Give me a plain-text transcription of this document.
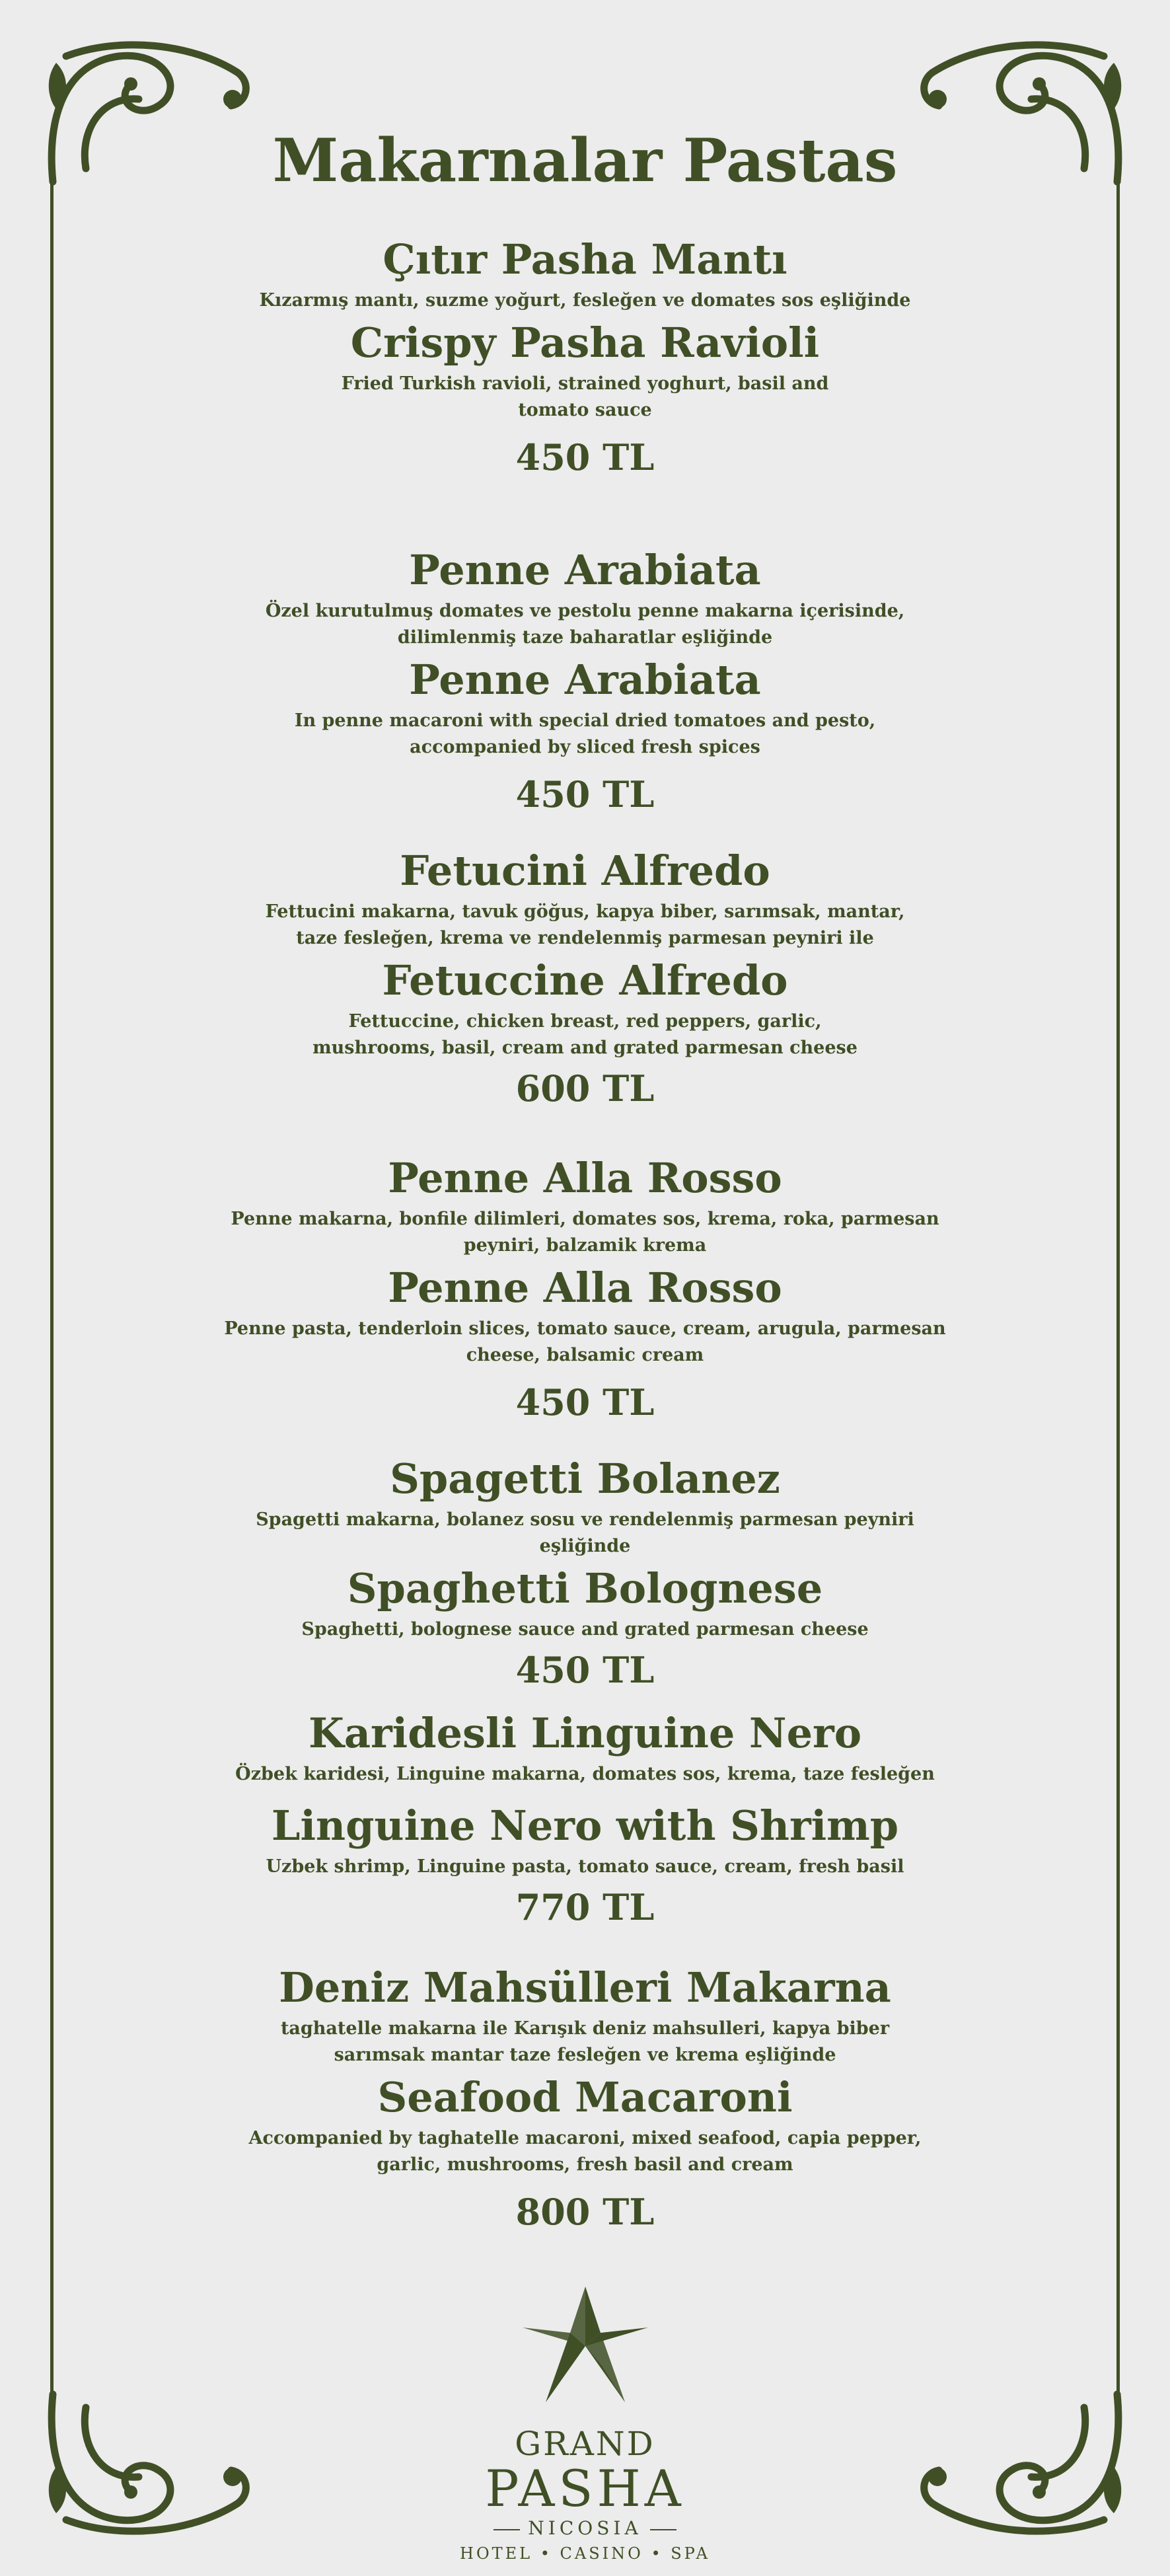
Makarnalar Pastas

Çıtır Pasha Mantı

Kızarmış mantı, suzme yoğurt, fesleğen ve domates sos eşliğinde

Crispy Pasha Ravioli

Fried Turkish ravioli, strained yoghurt, basil and tomato sauce

450 TL

Penne Arabiata

Özel kurutulmuş domates ve pestolu penne makarna içerisinde, dilimlenmiş taze baharatlar eşliğinde

Penne Arabiata

In penne macaroni with special dried tomatoes and pesto, accompanied by sliced fresh spices

450 TL

Fetucini Alfredo

Fettucini makarna, tavuk göğus, kapya biber, sarımsak, mantar, taze fesleğen, krema ve rendelenmiş parmesan peyniri ile

Fetuccine Alfredo

Fettuccine, chicken breast, red peppers, garlic, mushrooms, basil, cream and grated parmesan cheese

600 TL

Penne Alla Rosso

Penne makarna, bonfile dilimleri, domates sos, krema, roka, parmesan peyniri, balzamik krema

Penne Alla Rosso

Penne pasta, tenderloin slices, tomato sauce, cream, arugula, parmesan cheese, balsamic cream

450 TL

Spagetti Bolanez

Spagetti makarna, bolanez sosu ve rendelenmiş parmesan peyniri eşliğinde

Spaghetti Bolognese

Spaghetti, bolognese sauce and grated parmesan cheese

450 TL

Karidesli Linguine Nero

Özbek karidesi, Linguine makarna, domates sos, krema, taze fesleğen

Linguine Nero with Shrimp

Uzbek shrimp, Linguine pasta, tomato sauce, cream, fresh basil

770 TL

Deniz Mahsülleri Makarna

taghatelle makarna ile Karışık deniz mahsulleri, kapya biber sarımsak mantar taze fesleğen ve krema eşliğinde

Seafood Macaroni

Accompanied by taghatelle macaroni, mixed seafood, capia pepper, garlic, mushrooms, fresh basil and cream

800 TL

GRAND
PASHA
NICOSIA
HOTEL • CASINO • SPA
